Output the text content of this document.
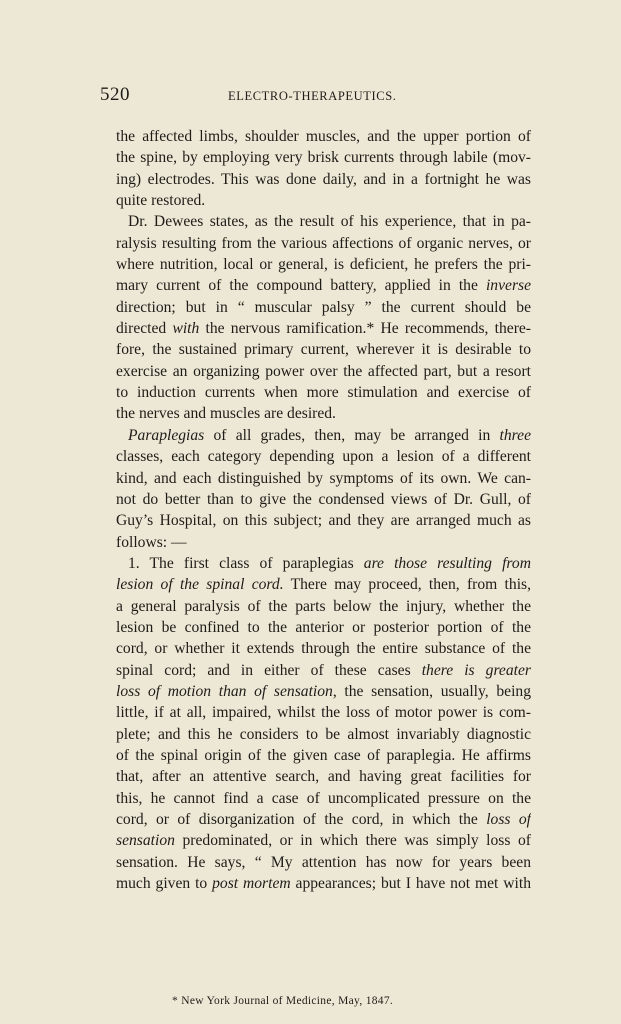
520	ELECTRO-THERAPEUTICS.
the affected limbs, shoulder muscles, and the upper portion of
the spine, by employing very brisk currents through labile (mov-
ing) electrodes. This was done daily, and in a fortnight he was
quite restored.
Dr. Dewees states, as the result of his experience, that in pa-
ralysis resulting from the various affections of organic nerves, or
where nutrition, local or general, is deficient, he prefers the pri-
mary current of the compound battery, applied in the inverse
direction; but in “ muscular palsy ” the current should be
directed with the nervous ramification.* He recommends, there-
fore, the sustained primary current, wherever it is desirable to
exercise an organizing power over the affected part, but a resort
to induction currents when more stimulation and exercise of
the nerves and muscles are desired.
Paraplegias of all grades, then, may be arranged in three
classes, each category depending upon a lesion of a different
kind, and each distinguished by symptoms of its own. We can-
not do better than to give the condensed views of Dr. Gull, of
Guy’s Hospital, on this subject; and they are arranged much as
follows: —
1. The first class of paraplegias are those resulting from
lesion of the spinal cord. There may proceed, then, from this,
a general paralysis of the parts below the injury, whether the
lesion be confined to the anterior or posterior portion of the
cord, or whether it extends through the entire substance of the
spinal cord; and in either of these cases there is greater
loss of motion than of sensation, the sensation, usually, being
little, if at all, impaired, whilst the loss of motor power is com-
plete; and this he considers to be almost invariably diagnostic
of the spinal origin of the given case of paraplegia. He affirms
that, after an attentive search, and having great facilities for
this, he cannot find a case of uncomplicated pressure on the
cord, or of disorganization of the cord, in which the loss of
sensation predominated, or in which there was simply loss of
sensation. He says, “ My attention has now for years been
much given to post mortem appearances; but I have not met with
* New York Journal of Medicine, May, 1847.
